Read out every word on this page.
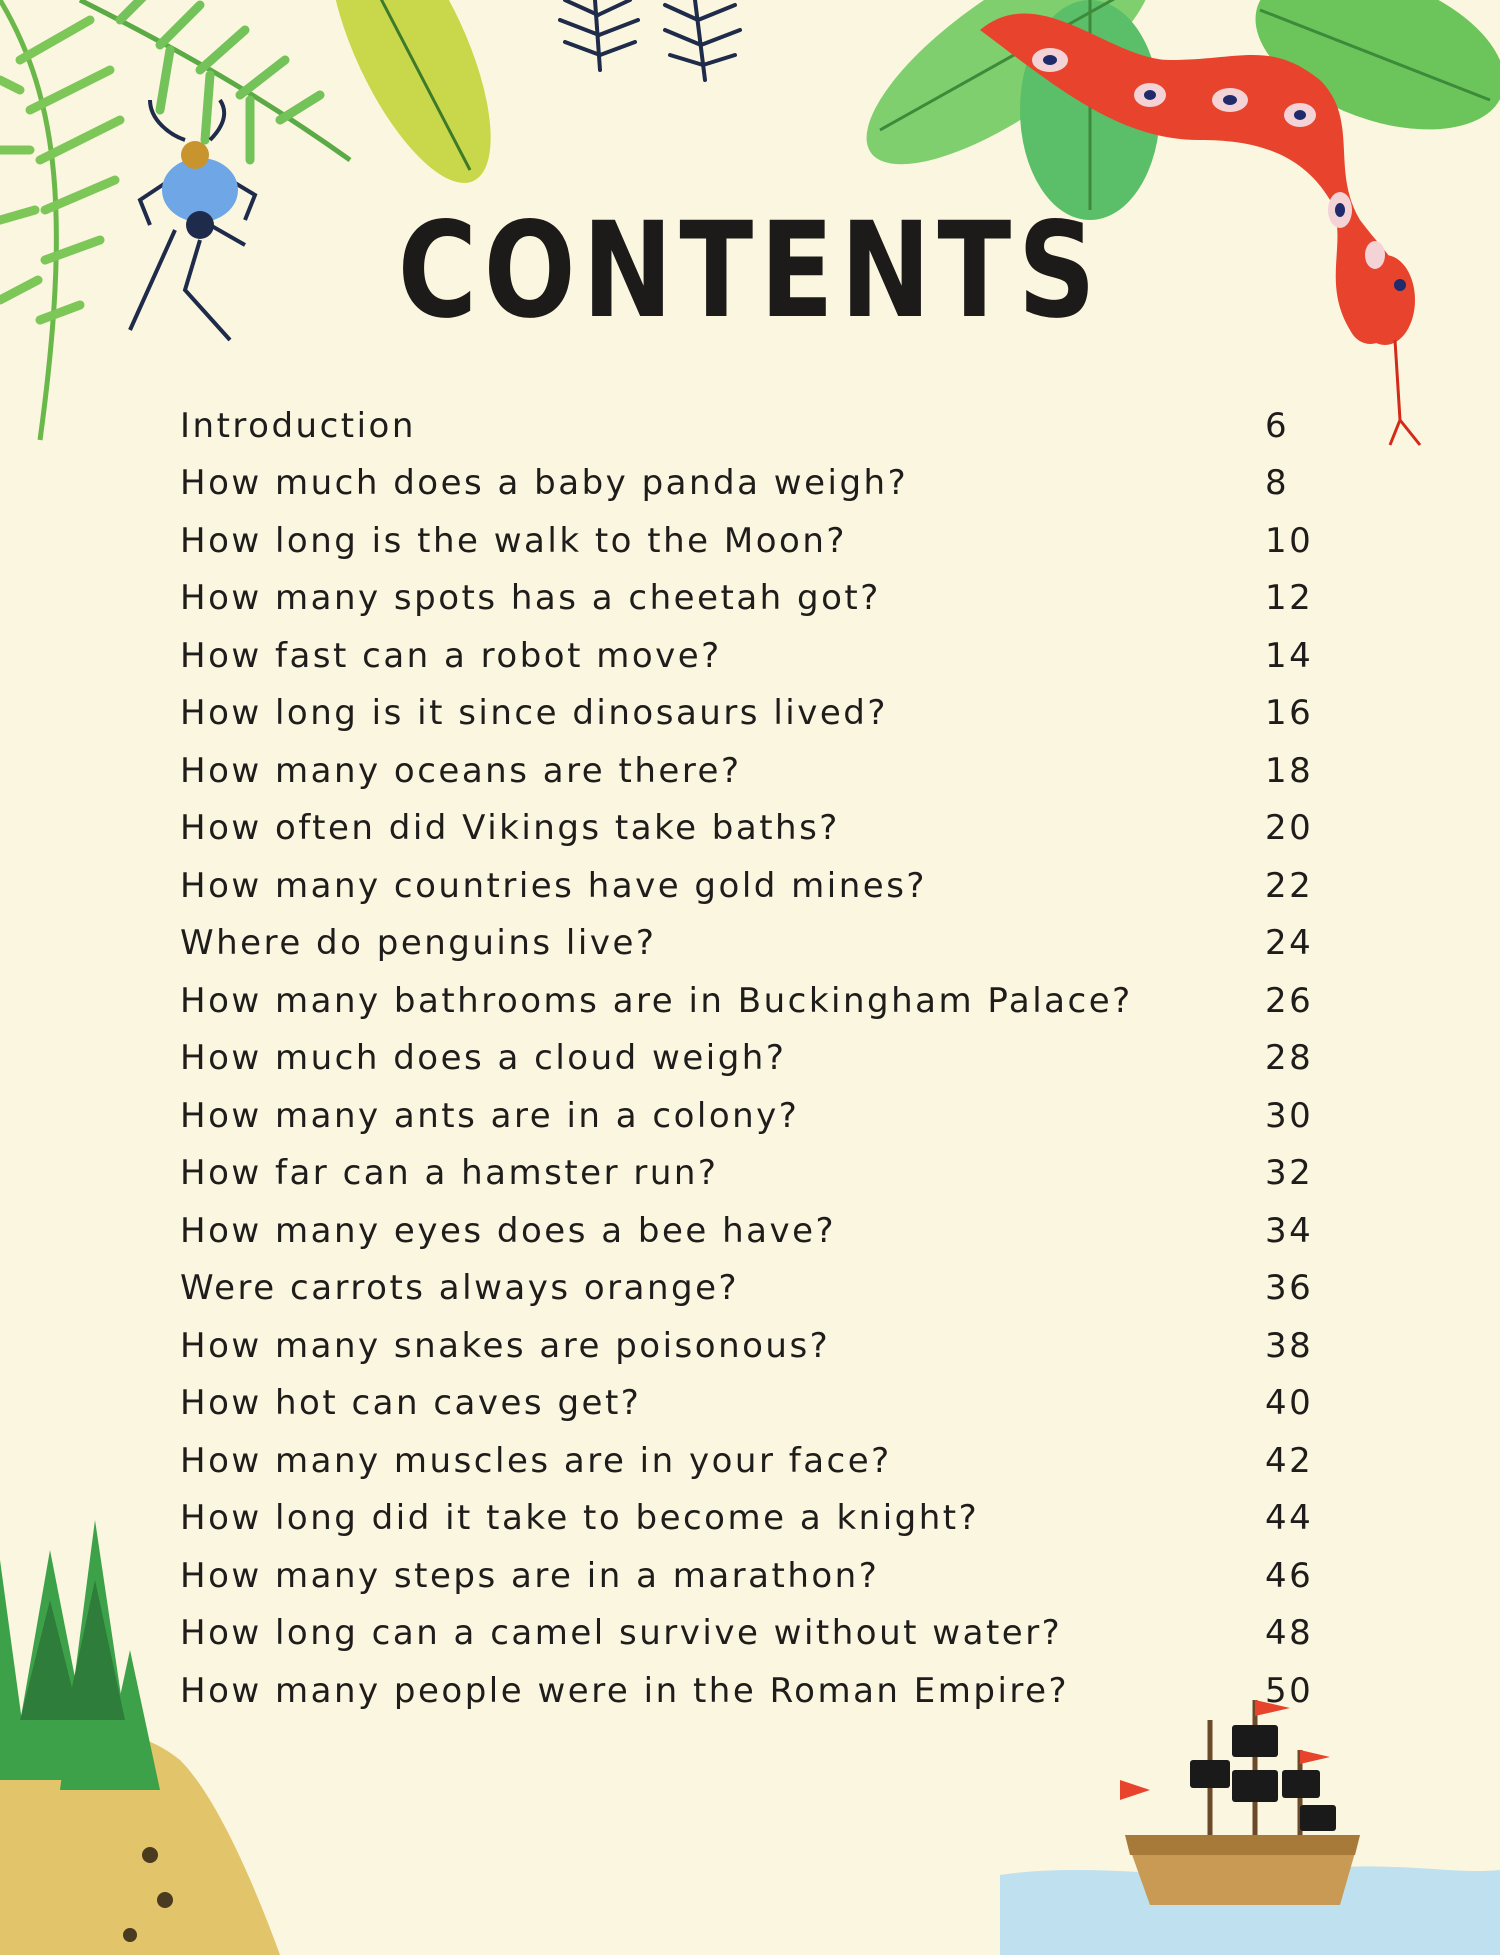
CONTENTS
Introduction	6
How much does a baby panda weigh?	8
How long is the walk to the Moon?	10
How many spots has a cheetah got?	12
How fast can a robot move?	14
How long is it since dinosaurs lived?	16
How many oceans are there?	18
How often did Vikings take baths?	20
How many countries have gold mines?	22
Where do penguins live?	24
How many bathrooms are in Buckingham Palace?	26
How much does a cloud weigh?	28
How many ants are in a colony?	30
How far can a hamster run?	32
How many eyes does a bee have?	34
Were carrots always orange?	36
How many snakes are poisonous?	38
How hot can caves get?	40
How many muscles are in your face?	42
How long did it take to become a knight?	44
How many steps are in a marathon?	46
How long can a camel survive without water?	48
How many people were in the Roman Empire?	50
